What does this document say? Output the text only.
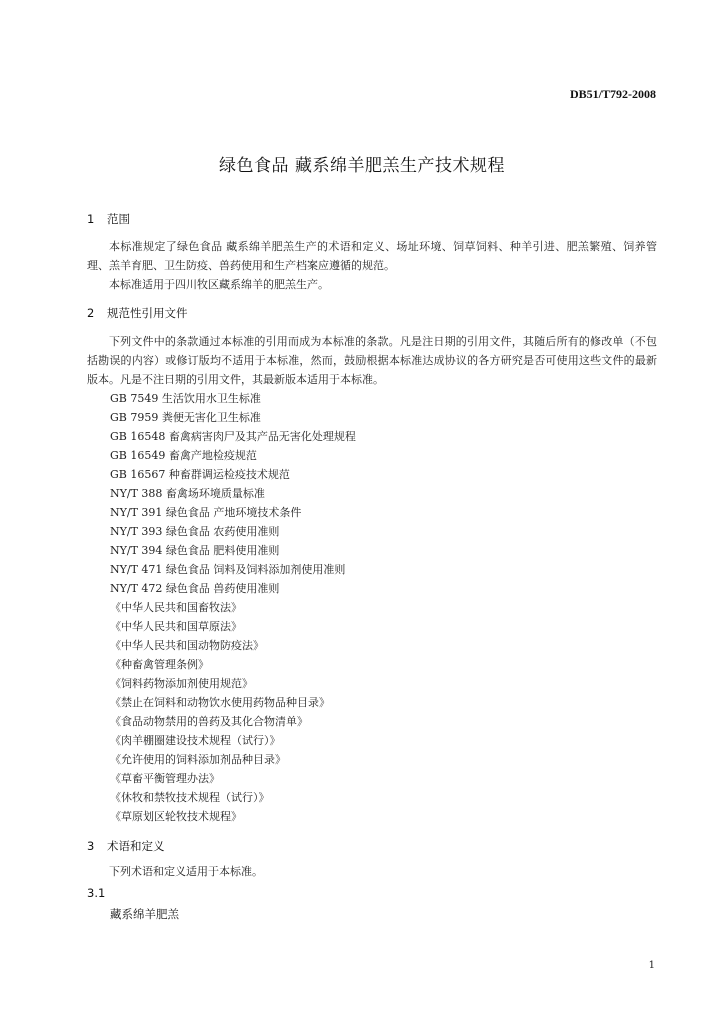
DB51/T792-2008
绿色食品 藏系绵羊肥羔生产技术规程
1 范围
本标准规定了绿色食品 藏系绵羊肥羔生产的术语和定义、场址环境、饲草饲料、种羊引进、肥羔繁殖、饲养管理、羔羊育肥、卫生防疫、兽药使用和生产档案应遵循的规范。
本标准适用于四川牧区藏系绵羊的肥羔生产。
2 规范性引用文件
下列文件中的条款通过本标准的引用而成为本标准的条款。凡是注日期的引用文件，其随后所有的修改单（不包括勘误的内容）或修订版均不适用于本标准，然而，鼓励根据本标准达成协议的各方研究是否可使用这些文件的最新版本。凡是不注日期的引用文件，其最新版本适用于本标准。
GB 7549 生活饮用水卫生标准
GB 7959 粪便无害化卫生标准
GB 16548 畜禽病害肉尸及其产品无害化处理规程
GB 16549 畜禽产地检疫规范
GB 16567 种畜群调运检疫技术规范
NY/T 388 畜禽场环境质量标准
NY/T 391 绿色食品 产地环境技术条件
NY/T 393 绿色食品 农药使用准则
NY/T 394 绿色食品 肥料使用准则
NY/T 471 绿色食品 饲料及饲料添加剂使用准则
NY/T 472 绿色食品 兽药使用准则
《中华人民共和国畜牧法》
《中华人民共和国草原法》
《中华人民共和国动物防疫法》
《种畜禽管理条例》
《饲料药物添加剂使用规范》
《禁止在饲料和动物饮水使用药物品种目录》
《食品动物禁用的兽药及其化合物清单》
《肉羊棚圈建设技术规程（试行）》
《允许使用的饲料添加剂品种目录》
《草畜平衡管理办法》
《休牧和禁牧技术规程（试行）》
《草原划区轮牧技术规程》
3 术语和定义
下列术语和定义适用于本标准。
3.1
藏系绵羊肥羔
1
